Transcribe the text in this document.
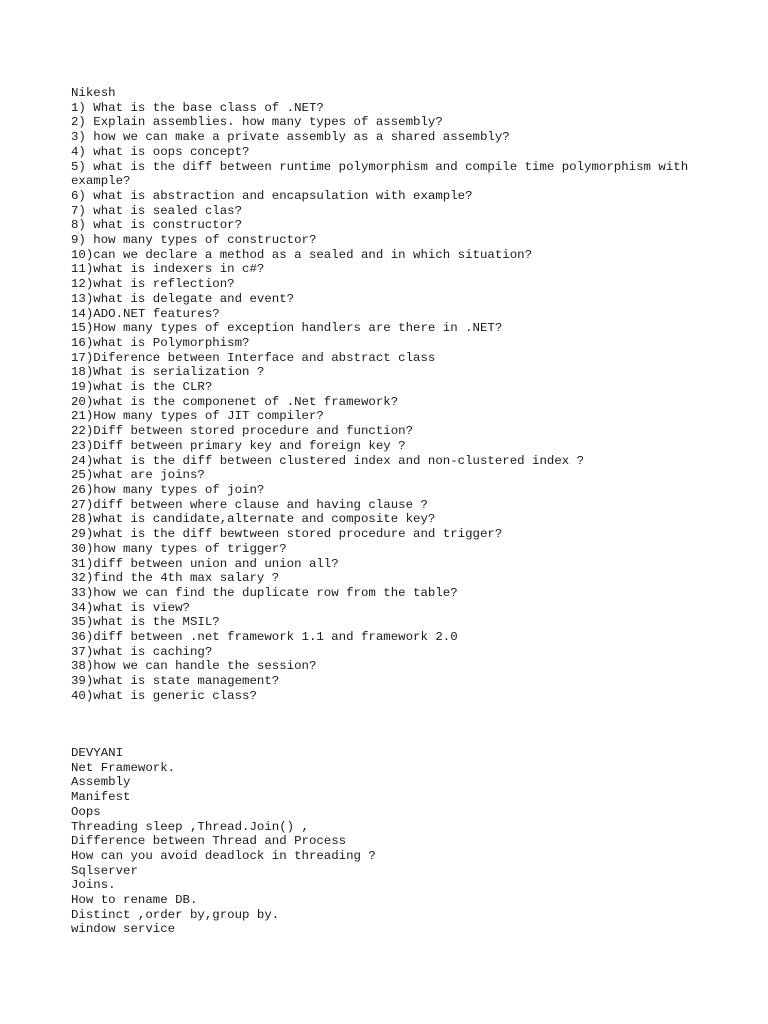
Nikesh
1) What is the base class of .NET?
2) Explain assemblies. how many types of assembly?
3) how we can make a private assembly as a shared assembly?
4) what is oops concept?
5) what is the diff between runtime polymorphism and compile time polymorphism with example?
6) what is abstraction and encapsulation with example?
7) what is sealed clas?
8) what is constructor?
9) how many types of constructor?
10)can we declare a method as a sealed and in which situation?
11)what is indexers in c#?
12)what is reflection?
13)what is delegate and event?
14)ADO.NET features?
15)How many types of exception handlers are there in .NET?
16)what is Polymorphism?
17)Diference between Interface and abstract class
18)What is serialization ?
19)what is the CLR?
20)what is the componenet of .Net framework?
21)How many types of JIT compiler?
22)Diff between stored procedure and function?
23)Diff between primary key and foreign key ?
24)what is the diff between clustered index and non-clustered index ?
25)what are joins?
26)how many types of join?
27)diff between where clause and having clause ?
28)what is candidate,alternate and composite key?
29)what is the diff bewtween stored procedure and trigger?
30)how many types of trigger?
31)diff between union and union all?
32)find the 4th max salary ?
33)how we can find the duplicate row from the table?
34)what is view?
35)what is the MSIL?
36)diff between .net framework 1.1 and framework 2.0
37)what is caching?
38)how we can handle the session?
39)what is state management?
40)what is generic class?
DEVYANI
Net Framework.
Assembly
Manifest
Oops
Threading sleep ,Thread.Join() ,
Difference between Thread and Process
How can you avoid deadlock in threading ?
Sqlserver
Joins.
How to rename DB.
Distinct ,order by,group by.
window service
